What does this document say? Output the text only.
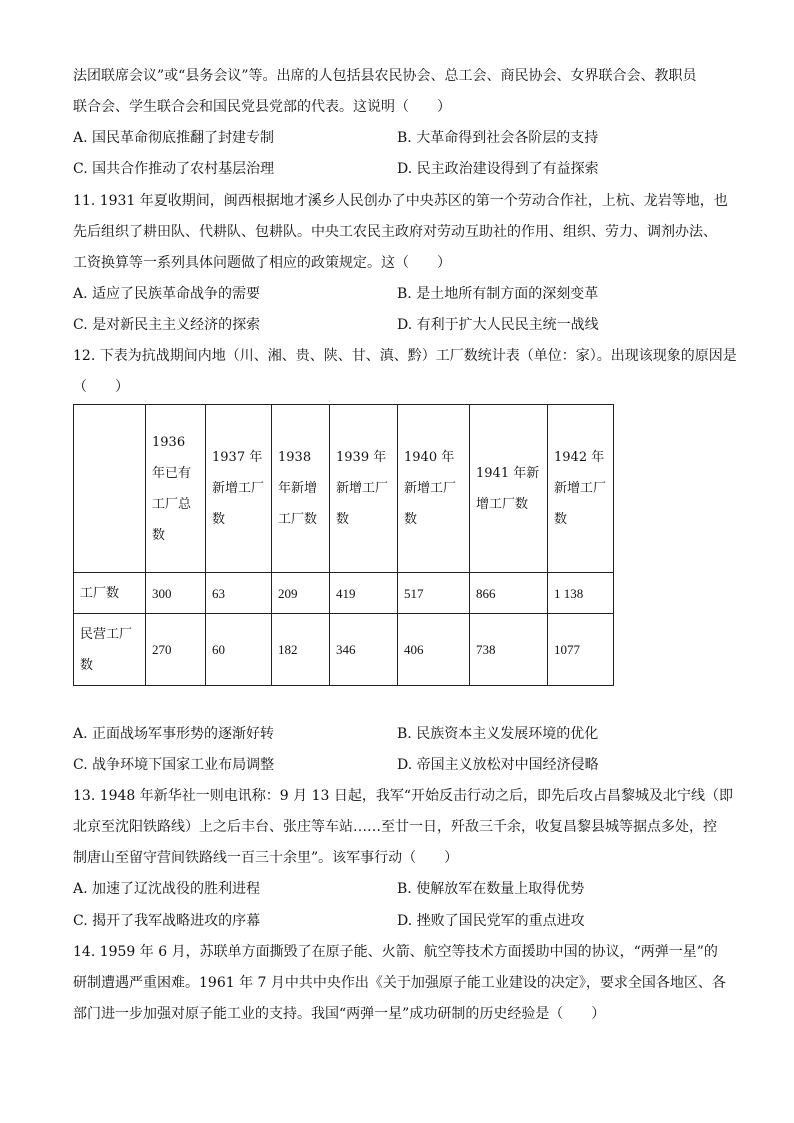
法团联席会议”或“县务会议”等。出席的人包括县农民协会、总工会、商民协会、女界联合会、教职员
联合会、学生联合会和国民党县党部的代表。这说明（　　）
A. 国民革命彻底推翻了封建专制	B. 大革命得到社会各阶层的支持
C. 国共合作推动了农村基层治理	D. 民主政治建设得到了有益探索
11. 1931 年夏收期间，闽西根据地才溪乡人民创办了中央苏区的第一个劳动合作社，上杭、龙岩等地，也
先后组织了耕田队、代耕队、包耕队。中央工农民主政府对劳动互助社的作用、组织、劳力、调剂办法、
工资换算等一系列具体问题做了相应的政策规定。这（　　）
A. 适应了民族革命战争的需要	B. 是土地所有制方面的深刻变革
C. 是对新民主主义经济的探索	D. 有利于扩大人民民主统一战线
12. 下表为抗战期间内地（川、湘、贵、陕、甘、滇、黔）工厂数统计表（单位：家）。出现该现象的原因是
（　　）
	1936 年已有工厂总数	1937 年新增工厂数	1938 年新增工厂数	1939 年新增工厂数	1940 年新增工厂数	1941 年新增工厂数	1942 年新增工厂数
工厂数	300	63	209	419	517	866	1 138
民营工厂数	270	60	182	346	406	738	1077
A. 正面战场军事形势的逐渐好转	B. 民族资本主义发展环境的优化
C. 战争环境下国家工业布局调整	D. 帝国主义放松对中国经济侵略
13. 1948 年新华社一则电讯称：9 月 13 日起，我军“开始反击行动之后，即先后攻占昌黎城及北宁线（即
北京至沈阳铁路线）上之后丰台、张庄等车站……至廿一日，歼敌三千余，收复昌黎县城等据点多处，控
制唐山至留守营间铁路线一百三十余里”。该军事行动（　　）
A. 加速了辽沈战役的胜利进程	B. 使解放军在数量上取得优势
C. 揭开了我军战略进攻的序幕	D. 挫败了国民党军的重点进攻
14. 1959 年 6 月，苏联单方面撕毁了在原子能、火箭、航空等技术方面援助中国的协议，“两弹一星”的
研制遭遇严重困难。1961 年 7 月中共中央作出《关于加强原子能工业建设的决定》，要求全国各地区、各
部门进一步加强对原子能工业的支持。我国“两弹一星”成功研制的历史经验是（　　）
